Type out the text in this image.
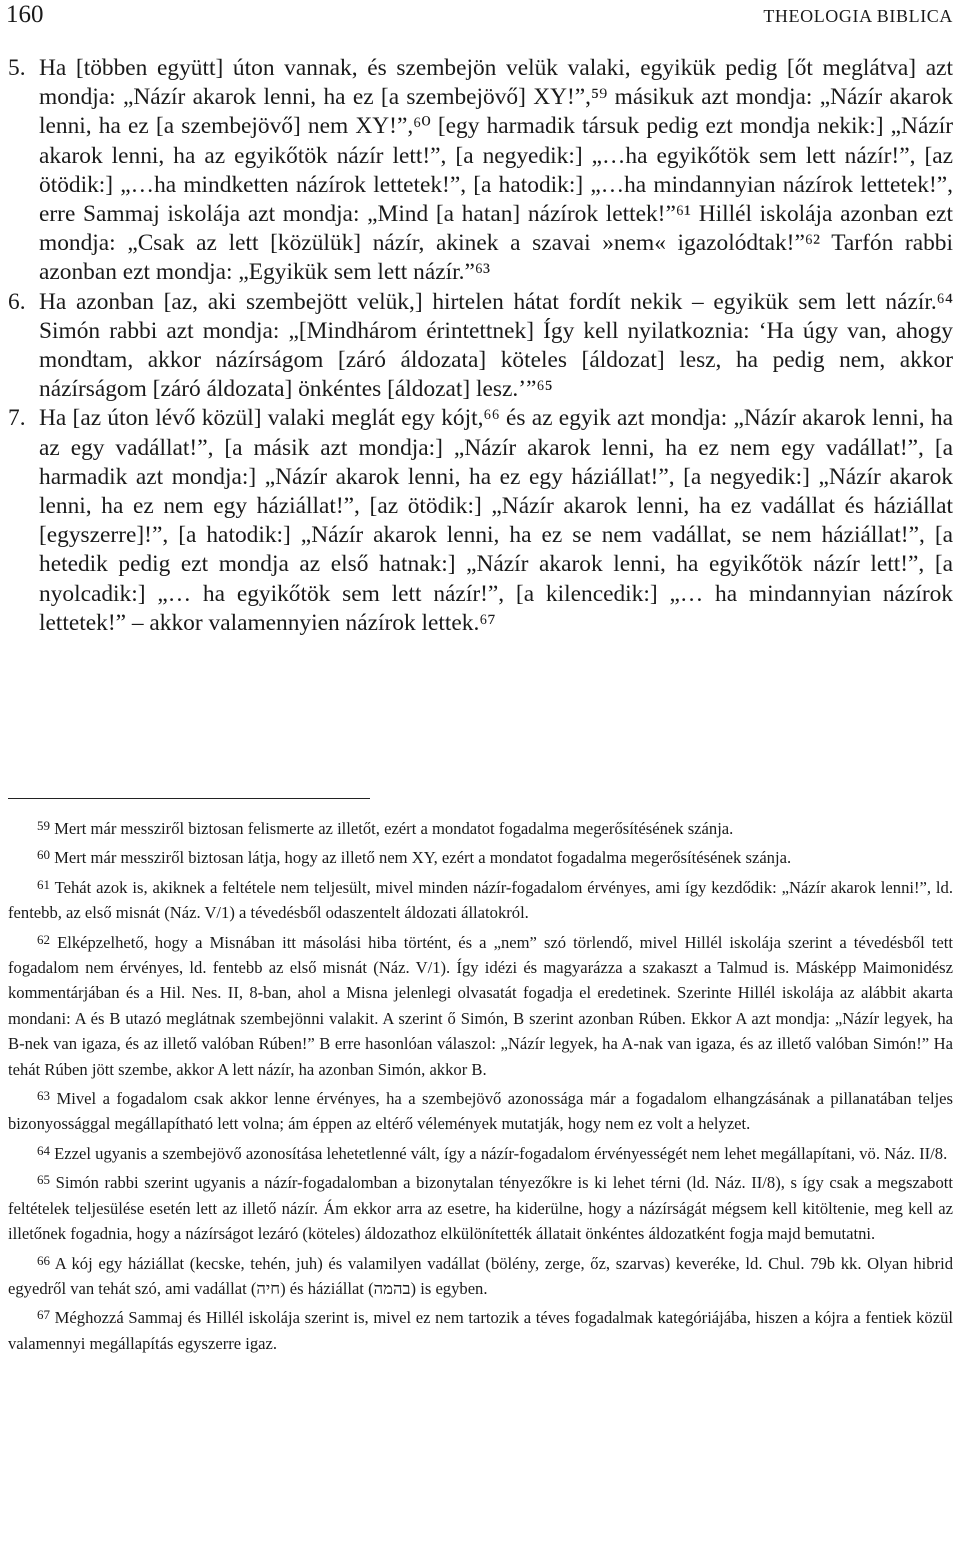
160	THEOLOGIA BIBLICA
5. Ha [többen együtt] úton vannak, és szembejön velük valaki, egyikük pedig [őt meglátva] azt mondja: „Názír akarok lenni, ha ez [a szembejövő] XY!”,⁵⁹ másikuk azt mondja: „Názír akarok lenni, ha ez [a szembejövő] nem XY!”,⁶⁰ [egy harmadik társuk pedig ezt mondja nekik:] „Názír akarok lenni, ha az egyikőtök názír lett!”, [a negyedik:] „…ha egyikőtök sem lett názír!”, [az ötödik:] „…ha mindketten názírok lettetek!”, [a hatodik:] „…ha mindannyian názírok lettetek!”, erre Sammaj iskolája azt mondja: „Mind [a hatan] názírok lettek!”⁶¹ Hillél iskolája azonban ezt mondja: „Csak az lett [közülük] názír, akinek a szavai »nem« igazolódtak!”⁶² Tarfón rabbi azonban ezt mondja: „Egyikük sem lett názír.”⁶³
6. Ha azonban [az, aki szembejött velük,] hirtelen hátat fordít nekik – egyikük sem lett názír.⁶⁴ Simón rabbi azt mondja: „[Mindhárom érintettnek] Így kell nyilatkoznia: ‘Ha úgy van, ahogy mondtam, akkor názírságom [záró áldozata] köteles [áldozat] lesz, ha pedig nem, akkor názírságom [záró áldozata] önkéntes [áldozat] lesz.’”⁶⁵
7. Ha [az úton lévő közül] valaki meglát egy kójt,⁶⁶ és az egyik azt mondja: „Názír akarok lenni, ha az egy vadállat!”, [a másik azt mondja:] „Názír akarok lenni, ha ez nem egy vadállat!”, [a harmadik azt mondja:] „Názír akarok lenni, ha ez egy háziállat!”, [a negyedik:] „Názír akarok lenni, ha ez nem egy háziállat!”, [az ötödik:] „Názír akarok lenni, ha ez vadállat és háziállat [egyszerre]!”, [a hatodik:] „Názír akarok lenni, ha ez se nem vadállat, se nem háziállat!”, [a hetedik pedig ezt mondja az első hatnak:] „Názír akarok lenni, ha egyikőtök názír lett!”, [a nyolcadik:] „… ha egyikőtök sem lett názír!”, [a kilencedik:] „… ha mindannyian názírok lettetek!” – akkor valamennyien názírok lettek.⁶⁷
$^{59}$ Mert már messziről biztosan felismerte az illetőt, ezért a mondatot fogadalma megerősítésének szánja.
$^{60}$ Mert már messziről biztosan látja, hogy az illető nem XY, ezért a mondatot fogadalma megerősítésének szánja.
$^{61}$ Tehát azok is, akiknek a feltétele nem teljesült, mivel minden názír-fogadalom érvényes, ami így kezdődik: „Názír akarok lenni!”, ld. fentebb, az első misnát (Náz. V/1) a tévedésből odaszentelt áldozati állatokról.
$^{62}$ Elképzelhető, hogy a Misnában itt másolási hiba történt, és a „nem” szó törlendő, mivel Hillél iskolája szerint a tévedésből tett fogadalom nem érvényes, ld. fentebb az első misnát (Náz. V/1). Így idézi és magyarázza a szakaszt a Talmud is. Másképp Maimonidész kommentárjában és a Hil. Nes. II, 8-ban, ahol a Misna jelenlegi olvasatát fogadja el eredetinek. Szerinte Hillél iskolája az alábbit akarta mondani: A és B utazó meglátnak szembejönni valakit. A szerint ő Simón, B szerint azonban Rúben. Ekkor A azt mondja: „Názír legyek, ha B-nek van igaza, és az illető valóban Rúben!” B erre hasonlóan válaszol: „Názír legyek, ha A-nak van igaza, és az illető valóban Simón!” Ha tehát Rúben jött szembe, akkor A lett názír, ha azonban Simón, akkor B.
$^{63}$ Mivel a fogadalom csak akkor lenne érvényes, ha a szembejövő azonossága már a fogadalom elhangzásának a pillanatában teljes bizonyossággal megállapítható lett volna; ám éppen az eltérő vélemények mutatják, hogy nem ez volt a helyzet.
$^{64}$ Ezzel ugyanis a szembejövő azonosítása lehetetlenné vált, így a názír-fogadalom érvényességét nem lehet megállapítani, vö. Náz. II/8.
$^{65}$ Simón rabbi szerint ugyanis a názír-fogadalomban a bizonytalan tényezőkre is ki lehet térni (ld. Náz. II/8), s így csak a megszabott feltételek teljesülése esetén lett az illető názír. Ám ekkor arra az esetre, ha kiderülne, hogy a názírságát mégsem kell kitöltenie, meg kell az illetőnek fogadnia, hogy a názírságot lezáró (köteles) áldozathoz elkülönítették állatait önkéntes áldozatként fogja majd bemutatni.
$^{66}$ A kój egy háziállat (kecske, tehén, juh) és valamilyen vadállat (bölény, zerge, őz, szarvas) keveréke, ld. Chul. 79b kk. Olyan hibrid egyedről van tehát szó, ami vadállat (חיה) és háziállat (בהמה) is egyben.
$^{67}$ Méghozzá Sammaj és Hillél iskolája szerint is, mivel ez nem tartozik a téves fogadalmak kategóriájába, hiszen a kójra a fentiek közül valamennyi megállapítás egyszerre igaz.
